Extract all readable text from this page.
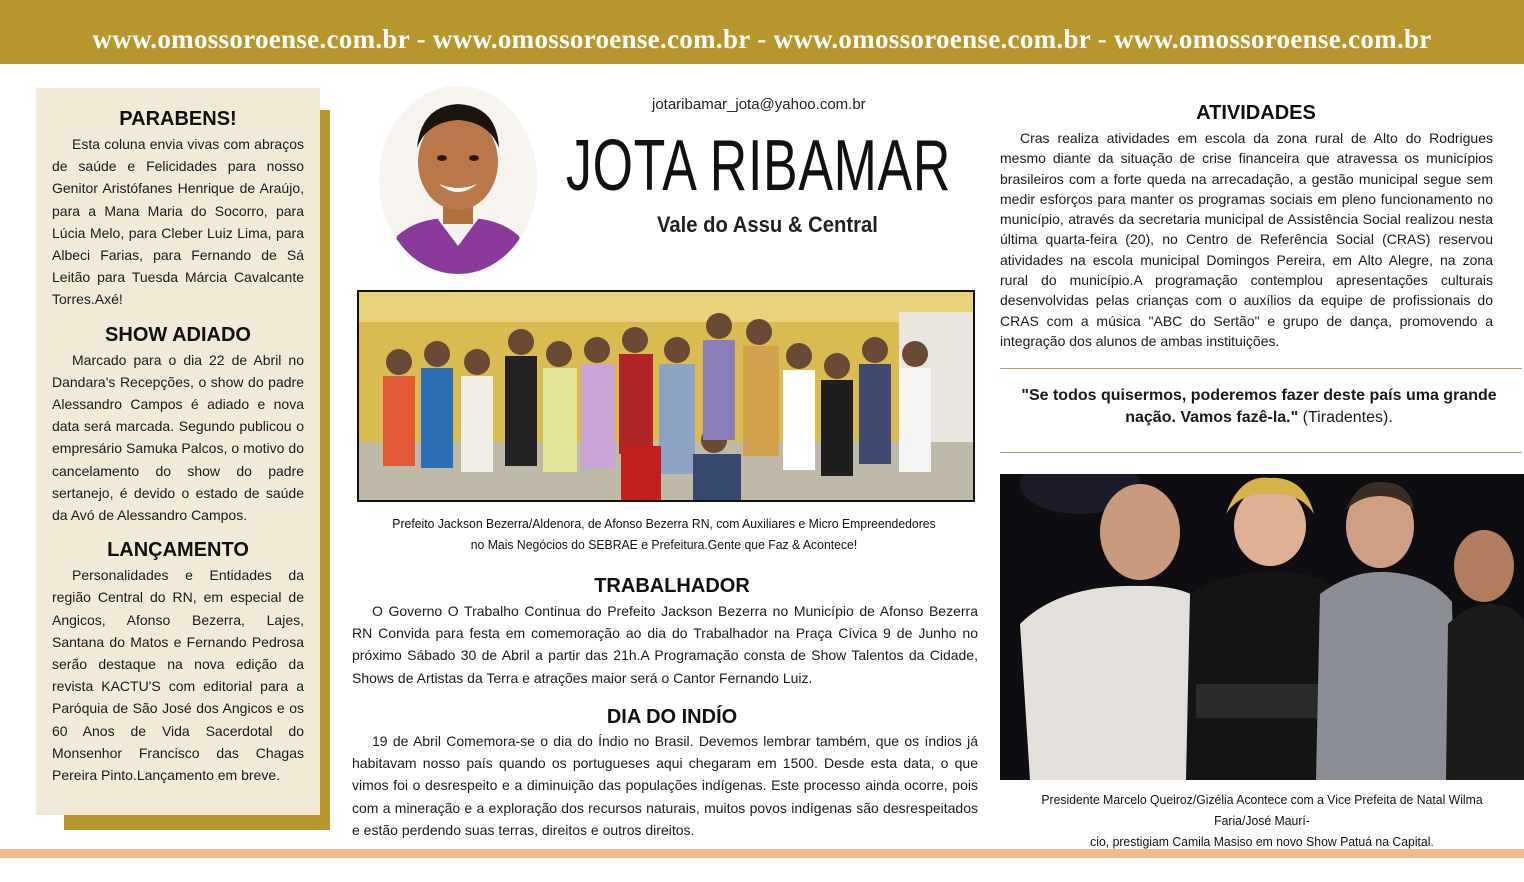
www.omossoroense.com.br - www.omossoroense.com.br - www.omossoroense.com.br - www.omossoroense.com.br
PARABENS!

Esta coluna envia vivas com abraços de saúde e Felicidades para nosso Genitor Aristófanes Henrique de Araújo, para a Mana Maria do Socorro, para Lúcia Melo, para Cleber Luiz Lima, para Albeci Farias, para Fernando de Sá Leitão para Tuesda Márcia Cavalcante Torres.Axé!

SHOW ADIADO

Marcado para o dia 22 de Abril no Dandara's Recepções, o show do padre Alessandro Campos é adiado e nova data será marcada. Segundo publicou o empresário Samuka Palcos, o motivo do cancelamento do show do padre sertanejo, é devido o estado de saúde da Avó de Alessandro Campos.

LANÇAMENTO

Personalidades e Entidades da região Central do RN, em especial de Angicos, Afonso Bezerra, Lajes, Santana do Matos e Fernando Pedrosa serão destaque na nova edição da revista KACTU'S com editorial para a Paróquia de São José dos Angicos e os 60 Anos de Vida Sacerdotal do Monsenhor Francisco das Chagas Pereira Pinto.Lançamento em breve.

jotaribamar_jota@yahoo.com.br
JOTA RIBAMAR
Vale do Assu & Central
Prefeito Jackson Bezerra/Aldenora, de Afonso Bezerra RN, com Auxiliares e Micro Empreendedores
no Mais Negócios do SEBRAE e Prefeitura.Gente que Faz & Acontece!
TRABALHADOR

O Governo O Trabalho Continua do Prefeito Jackson Bezerra no Município de Afonso Bezerra RN Convida para festa em comemoração ao dia do Trabalhador na Praça Cívica 9 de Junho no próximo Sábado 30 de Abril a partir das 21h.A Programação consta de Show Talentos da Cidade, Shows de Artistas da Terra e atrações maior será o Cantor Fernando Luiz.

DIA DO INDÍO

19 de Abril Comemora-se o dia do Índio no Brasil. Devemos lembrar também, que os índios já habitavam nosso país quando os portugueses aqui chegaram em 1500. Desde esta data, o que vimos foi o desrespeito e a diminuição das populações indígenas. Este processo ainda ocorre, pois com a mineração e a exploração dos recursos naturais, muitos povos indígenas são desrespeitados e estão perdendo suas terras, direitos e outros direitos.

ATIVIDADES

Cras realiza atividades em escola da zona rural de Alto do Rodrigues mesmo diante da situação de crise financeira que atravessa os municípios brasileiros com a forte queda na arrecadação, a gestão municipal segue sem medir esforços para manter os programas sociais em pleno funcionamento no município, através da secretaria municipal de Assistência Social realizou nesta última quarta-feira (20), no Centro de Referência Social (CRAS) reservou atividades na escola municipal Domingos Pereira, em Alto Alegre, na zona rural do município.A programação contemplou apresentações culturais desenvolvidas pelas crianças com o auxílios da equipe de profissionais do CRAS com a música "ABC do Sertão" e grupo de dança, promovendo a integração dos alunos de ambas instituições.

"Se todos quisermos, poderemos fazer deste país uma grande nação. Vamos fazê-la." (Tiradentes).
Presidente Marcelo Queiroz/Gizélia Acontece com a Vice Prefeita de Natal Wilma Faria/José Maurí-
cio, prestigiam Camila Masiso em novo Show Patuá na Capital.
